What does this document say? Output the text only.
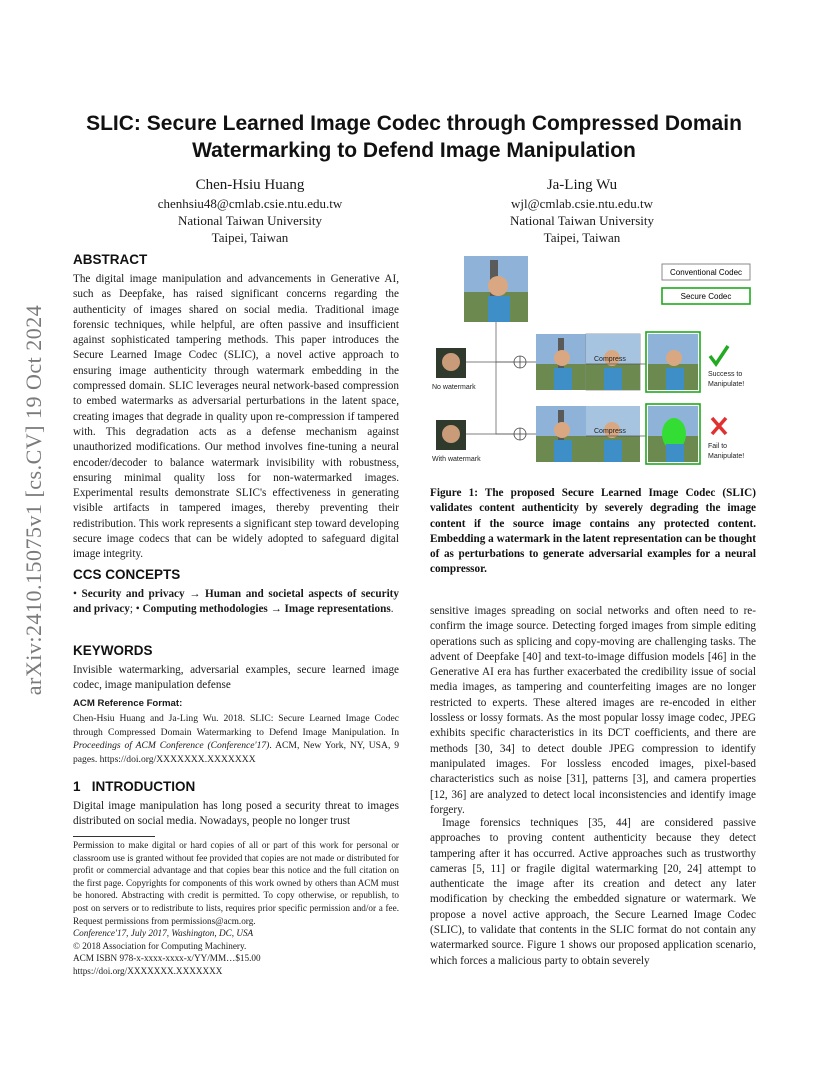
arXiv:2410.15075v1 [cs.CV] 19 Oct 2024
SLIC: Secure Learned Image Codec through Compressed Domain Watermarking to Defend Image Manipulation
Chen-Hsiu Huang
chenhsiu48@cmlab.csie.ntu.edu.tw
National Taiwan University
Taipei, Taiwan
Ja-Ling Wu
wjl@cmlab.csie.ntu.edu.tw
National Taiwan University
Taipei, Taiwan
ABSTRACT

The digital image manipulation and advancements in Generative AI, such as Deepfake, has raised significant concerns regarding the authenticity of images shared on social media. Traditional image forensic techniques, while helpful, are often passive and insufficient against sophisticated tampering methods. This paper introduces the Secure Learned Image Codec (SLIC), a novel active approach to ensuring image authenticity through watermark embedding in the compressed domain. SLIC leverages neural network-based compression to embed watermarks as adversarial perturbations in the latent space, creating images that degrade in quality upon re-compression if tampered with. This degradation acts as a defense mechanism against unauthorized modifications. Our method involves fine-tuning a neural encoder/decoder to balance watermark invisibility with robustness, ensuring minimal quality loss for non-watermarked images. Experimental results demonstrate SLIC's effectiveness in generating visible artifacts in tampered images, thereby preventing their redistribution. This work represents a significant step toward developing secure image codecs that can be widely adopted to safeguard digital image integrity.

CCS CONCEPTS

• Security and privacy → Human and societal aspects of security and privacy; • Computing methodologies → Image representations.

KEYWORDS

Invisible watermarking, adversarial examples, secure learned image codec, image manipulation defense

ACM Reference Format:

Chen-Hsiu Huang and Ja-Ling Wu. 2018. SLIC: Secure Learned Image Codec through Compressed Domain Watermarking to Defend Image Manipulation. In Proceedings of ACM Conference (Conference'17). ACM, New York, NY, USA, 9 pages. https://doi.org/XXXXXXX.XXXXXXX

1 INTRODUCTION

Digital image manipulation has long posed a security threat to images distributed on social media. Nowadays, people no longer trust

Permission to make digital or hard copies of all or part of this work for personal or classroom use is granted without fee provided that copies are not made or distributed for profit or commercial advantage and that copies bear this notice and the full citation on the first page. Copyrights for components of this work owned by others than ACM must be honored. Abstracting with credit is permitted. To copy otherwise, or republish, to post on servers or to redistribute to lists, requires prior specific permission and/or a fee. Request permissions from permissions@acm.org.

Conference'17, July 2017, Washington, DC, USA

© 2018 Association for Computing Machinery.

ACM ISBN 978-x-xxxx-xxxx-x/YY/MM…$15.00

https://doi.org/XXXXXXX.XXXXXXX

Conventional Codec
Secure Codec
No watermark
Compress
Success to
Manipulate!
With watermark
Compress
Fail to
Manipulate!

Figure 1: The proposed Secure Learned Image Codec (SLIC) validates content authenticity by severely degrading the image content if the source image contains any protected content. Embedding a watermark in the latent representation can be thought of as perturbations to generate adversarial examples for a neural compressor.

sensitive images spreading on social networks and often need to re-confirm the image source. Detecting forged images from simple editing operations such as splicing and copy-moving are challenging tasks. The advent of Deepfake [40] and text-to-image diffusion models [46] in the Generative AI era has further exacerbated the credibility issue of social media images, as tampering and counterfeiting images are no longer restricted to experts. These altered images are re-encoded in either lossless or lossy formats. As the most popular lossy image codec, JPEG exhibits specific characteristics in its DCT coefficients, and there are methods [30, 34] to detect double JPEG compression to identify manipulated images. For lossless encoded images, pixel-based characteristics such as noise [31], patterns [3], and camera properties [12, 36] are analyzed to detect local inconsistencies and identify image forgery.

Image forensics techniques [35, 44] are considered passive approaches to proving content authenticity because they detect tampering after it has occurred. Active approaches such as trustworthy cameras [5, 11] or fragile digital watermarking [20, 24] attempt to authenticate the image after its creation and detect any later modification by checking the embedded signature or watermark. We propose a novel active approach, the Secure Learned Image Codec (SLIC), to validate that contents in the SLIC format do not contain any watermarked source. Figure 1 shows our proposed application scenario, which forces a malicious party to obtain severely
